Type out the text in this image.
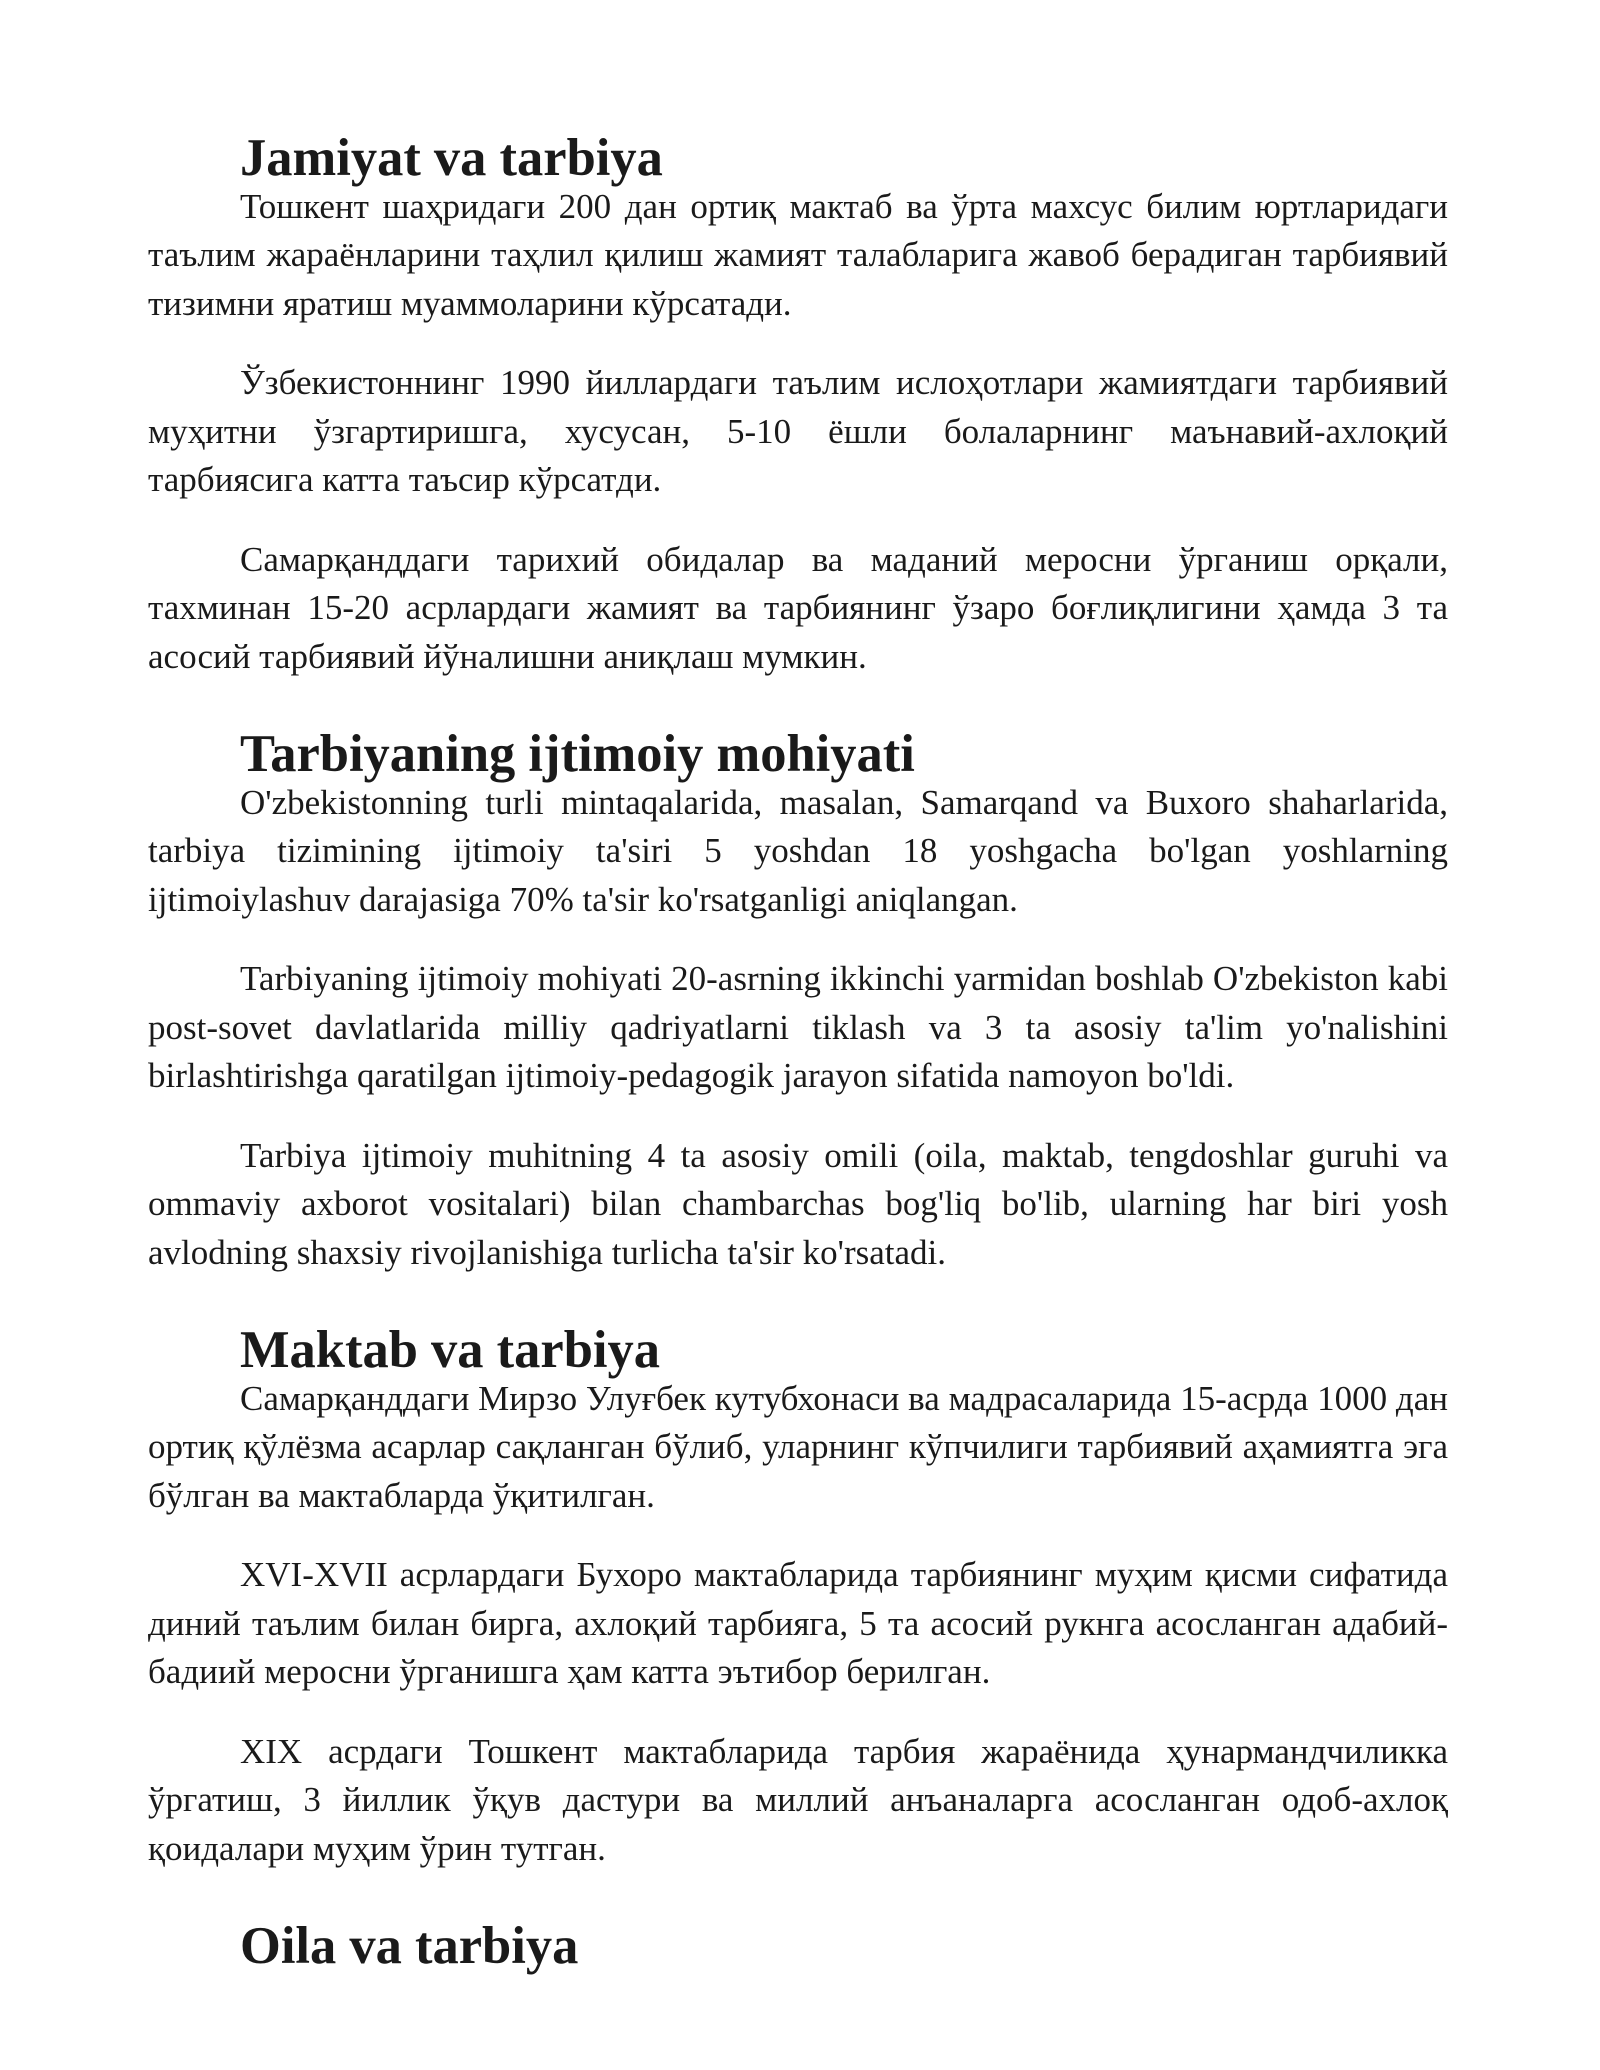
Jamiyat va tarbiya

Тошкент шаҳридаги 200 дан ортиқ мактаб ва ўрта махсус билим юртларидаги таълим жараёнларини таҳлил қилиш жамият талабларига жавоб берадиган тарбиявий тизимни яратиш муаммоларини кўрсатади.

Ўзбекистоннинг 1990 йиллардаги таълим ислоҳотлари жамиятдаги тарбиявий муҳитни ўзгартиришга, хусусан, 5-10 ёшли болаларнинг маънавий-ахлоқий тарбиясига катта таъсир кўрсатди.

Самарқанддаги тарихий обидалар ва маданий меросни ўрганиш орқали, тахминан 15-20 асрлардаги жамият ва тарбиянинг ўзаро боғлиқлигини ҳамда 3 та асосий тарбиявий йўналишни аниқлаш мумкин.

Tarbiyaning ijtimoiy mohiyati

O'zbekistonning turli mintaqalarida, masalan, Samarqand va Buxoro shaharlarida, tarbiya tizimining ijtimoiy ta'siri 5 yoshdan 18 yoshgacha bo'lgan yoshlarning ijtimoiylashuv darajasiga 70% ta'sir ko'rsatganligi aniqlangan.

Tarbiyaning ijtimoiy mohiyati 20-asrning ikkinchi yarmidan boshlab O'zbekiston kabi post-sovet davlatlarida milliy qadriyatlarni tiklash va 3 ta asosiy ta'lim yo'nalishini birlashtirishga qaratilgan ijtimoiy-pedagogik jarayon sifatida namoyon bo'ldi.

Tarbiya ijtimoiy muhitning 4 ta asosiy omili (oila, maktab, tengdoshlar guruhi va ommaviy axborot vositalari) bilan chambarchas bog'liq bo'lib, ularning har biri yosh avlodning shaxsiy rivojlanishiga turlicha ta'sir ko'rsatadi.

Maktab va tarbiya

Самарқанддаги Мирзо Улуғбек кутубхонаси ва мадрасаларида 15-асрда 1000 дан ортиқ қўлёзма асарлар сақланган бўлиб, уларнинг кўпчилиги тарбиявий аҳамиятга эга бўлган ва мактабларда ўқитилган.

XVI-XVII асрлардаги Бухоро мактабларида тарбиянинг муҳим қисми сифатида диний таълим билан бирга, ахлоқий тарбияга, 5 та асосий рукнга асосланган адабий-бадиий меросни ўрганишга ҳам катта эътибор берилган.

XIX асрдаги Тошкент мактабларида тарбия жараёнида ҳунармандчиликка ўргатиш, 3 йиллик ўқув дастури ва миллий анъаналарга асосланган одоб-ахлоқ қоидалари муҳим ўрин тутган.

Oila va tarbiya
